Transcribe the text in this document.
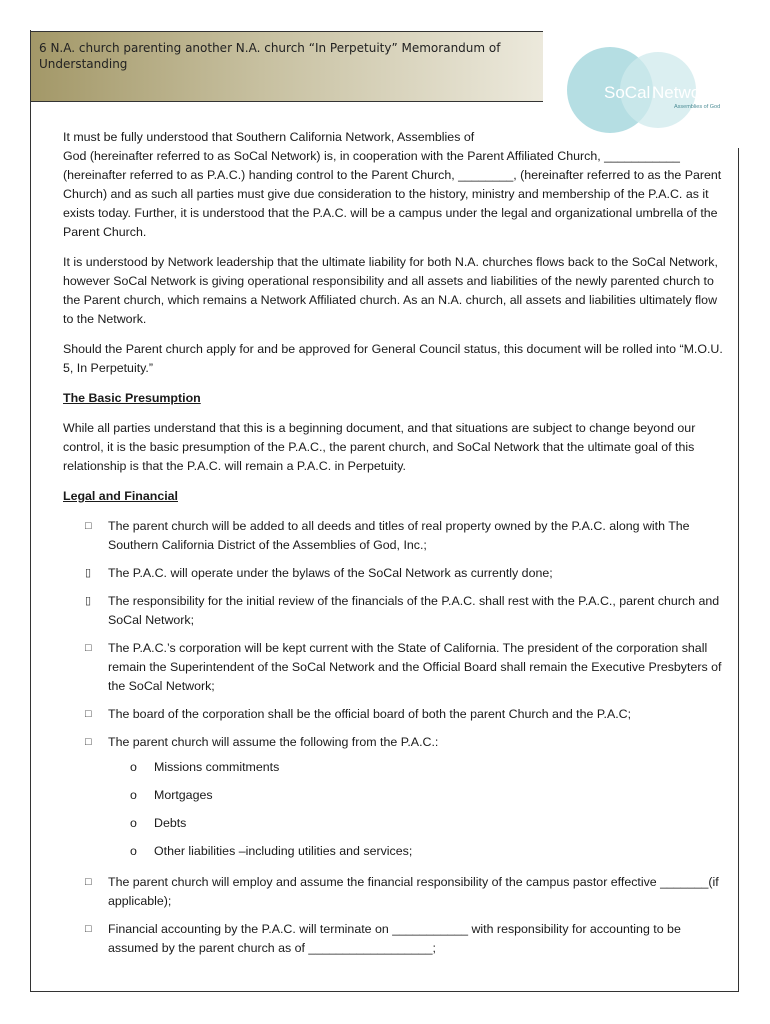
6 N.A. church parenting another N.A. church “In Perpetuity” Memorandum of Understanding
SoCal Network
Assemblies of God

It must be fully understood that Southern California Network, Assemblies of

God (hereinafter referred to as SoCal Network) is, in cooperation with the Parent Affiliated Church, ___________ (hereinafter referred to as P.A.C.) handing control to the Parent Church, ________, (hereinafter referred to as the Parent Church) and as such all parties must give due consideration to the history, ministry and membership of the P.A.C. as it exists today. Further, it is understood that the P.A.C. will be a campus under the legal and organizational umbrella of the Parent Church.

It is understood by Network leadership that the ultimate liability for both N.A. churches flows back to the SoCal Network, however SoCal Network is giving operational responsibility and all assets and liabilities of the newly parented church to the Parent church, which remains a Network Affiliated church. As an N.A. church, all assets and liabilities ultimately flow to the Network.

Should the Parent church apply for and be approved for General Council status, this document will be rolled into “M.O.U. 5, In Perpetuity.”

The Basic Presumption

While all parties understand that this is a beginning document, and that situations are subject to change beyond our control, it is the basic presumption of the P.A.C., the parent church, and SoCal Network that the ultimate goal of this relationship is that the P.A.C. will remain a P.A.C. in Perpetuity.

Legal and Financial

□ The parent church will be added to all deeds and titles of real property owned by the P.A.C. along with The Southern California District of the Assemblies of God, Inc.;
▯ The P.A.C. will operate under the bylaws of the SoCal Network as currently done;
▯ The responsibility for the initial review of the financials of the P.A.C. shall rest with the P.A.C., parent church and SoCal Network;
□ The P.A.C.’s corporation will be kept current with the State of California. The president of the corporation shall remain the Superintendent of the SoCal Network and the Official Board shall remain the Executive Presbyters of the SoCal Network;
□ The board of the corporation shall be the official board of both the parent Church and the P.A.C;
□ The parent church will assume the following from the P.A.C.:
o Missions commitments
o Mortgages
o Debts
o Other liabilities –including utilities and services;
□ The parent church will employ and assume the financial responsibility of the campus pastor effective _______(if applicable);
□ Financial accounting by the P.A.C. will terminate on ___________ with responsibility for accounting to be assumed by the parent church as of __________________;
